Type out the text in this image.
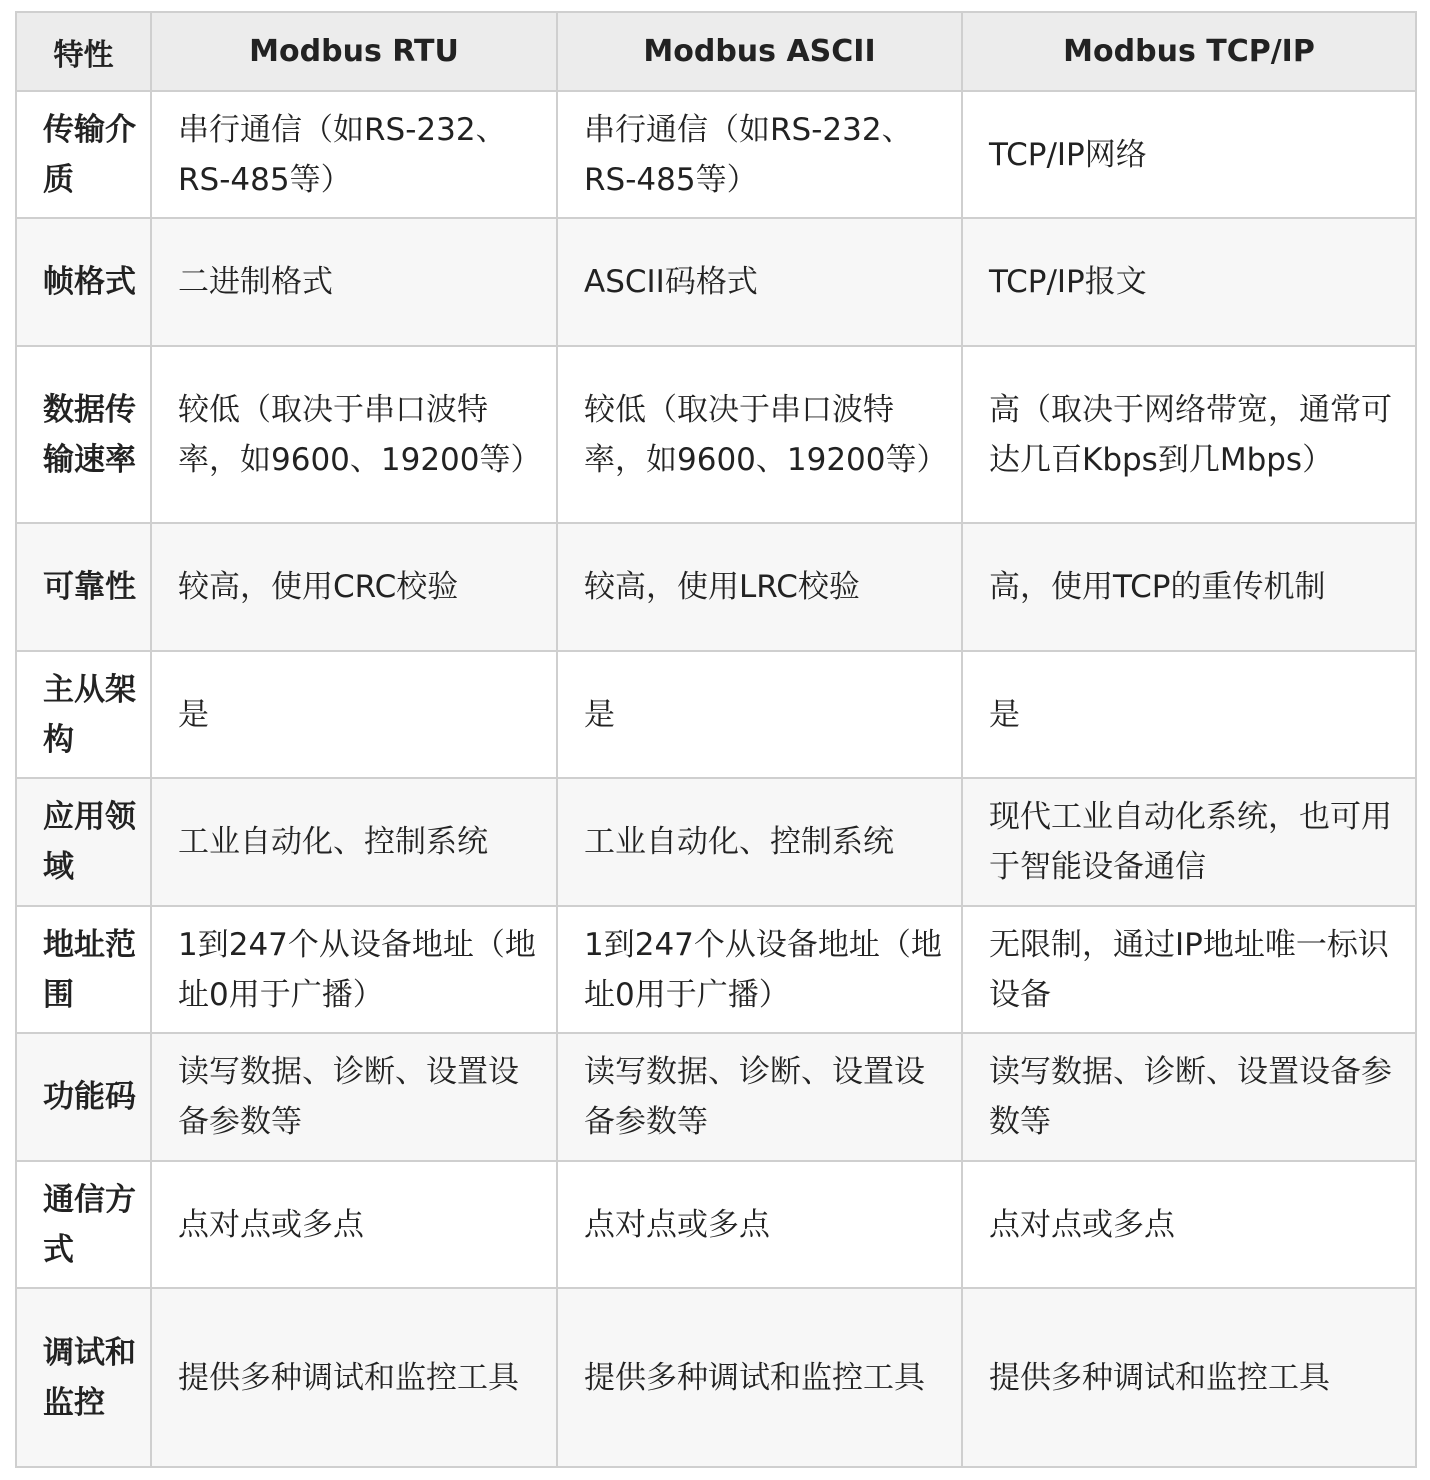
特性	Modbus RTU	Modbus ASCII	Modbus TCP/IP
传输介质	串行通信（如RS-232、RS-485等）	串行通信（如RS-232、RS-485等）	TCP/IP网络
帧格式	二进制格式	ASCII码格式	TCP/IP报文
数据传输速率	较低（取决于串口波特率，如9600、19200等）	较低（取决于串口波特率，如9600、19200等）	高（取决于网络带宽，通常可达几百Kbps到几Mbps）
可靠性	较高，使用CRC校验	较高，使用LRC校验	高，使用TCP的重传机制
主从架构	是	是	是
应用领域	工业自动化、控制系统	工业自动化、控制系统	现代工业自动化系统，也可用于智能设备通信
地址范围	1到247个从设备地址（地址0用于广播）	1到247个从设备地址（地址0用于广播）	无限制，通过IP地址唯一标识设备
功能码	读写数据、诊断、设置设备参数等	读写数据、诊断、设置设备参数等	读写数据、诊断、设置设备参数等
通信方式	点对点或多点	点对点或多点	点对点或多点
调试和监控	提供多种调试和监控工具	提供多种调试和监控工具	提供多种调试和监控工具
